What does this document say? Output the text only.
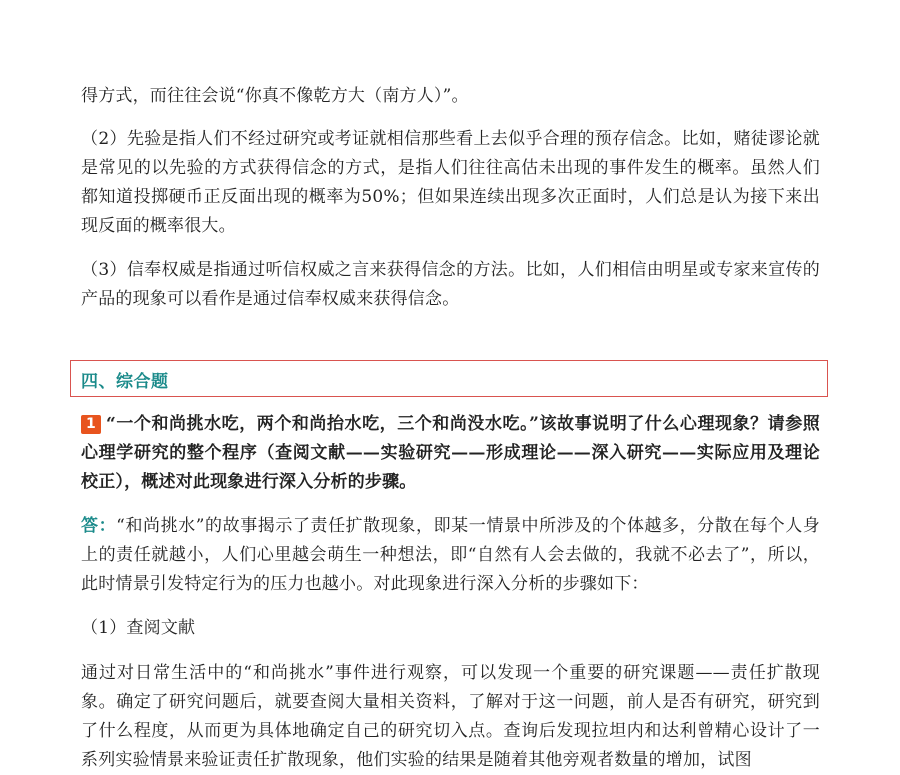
得方式，而往往会说“你真不像乾方大（南方人）”。

（2）先验是指人们不经过研究或考证就相信那些看上去似乎合理的预存信念。比如，赌徒谬论就是常见的以先验的方式获得信念的方式，是指人们往往高估未出现的事件发生的概率。虽然人们都知道投掷硬币正反面出现的概率为50%；但如果连续出现多次正面时，人们总是认为接下来出现反面的概率很大。

（3）信奉权威是指通过听信权威之言来获得信念的方法。比如，人们相信由明星或专家来宣传的产品的现象可以看作是通过信奉权威来获得信念。

四、综合题

1 “一个和尚挑水吃，两个和尚抬水吃，三个和尚没水吃。”该故事说明了什么心理现象？请参照心理学研究的整个程序（查阅文献——实验研究——形成理论——深入研究——实际应用及理论校正），概述对此现象进行深入分析的步骤。

答：“和尚挑水”的故事揭示了责任扩散现象，即某一情景中所涉及的个体越多，分散在每个人身上的责任就越小，人们心里越会萌生一种想法，即“自然有人会去做的，我就不必去了”，所以，此时情景引发特定行为的压力也越小。对此现象进行深入分析的步骤如下：

（1）查阅文献

通过对日常生活中的“和尚挑水”事件进行观察，可以发现一个重要的研究课题——责任扩散现象。确定了研究问题后，就要查阅大量相关资料，了解对于这一问题，前人是否有研究，研究到了什么程度，从而更为具体地确定自己的研究切入点。查询后发现拉坦内和达利曾精心设计了一系列实验情景来验证责任扩散现象，他们实验的结果是随着其他旁观者数量的增加，试图
